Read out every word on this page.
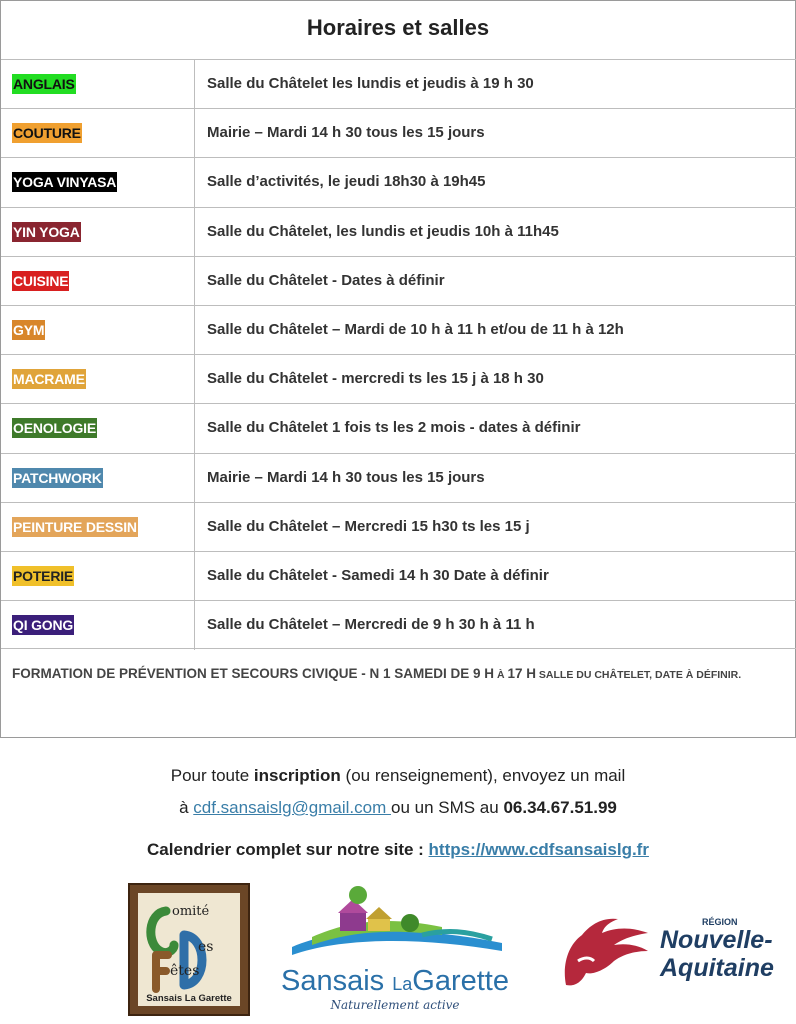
Horaires et salles
ANGLAIS	Salle du Châtelet les lundis et jeudis à 19 h 30
COUTURE	Mairie – Mardi 14 h 30 tous les 15 jours
YOGA VINYASA	Salle d’activités, le jeudi 18h30 à 19h45
YIN YOGA	Salle du Châtelet, les lundis et jeudis 10h à 11h45
CUISINE	Salle du Châtelet - Dates à définir
GYM	Salle du Châtelet – Mardi de 10 h à 11 h et/ou de 11 h à 12h
MACRAME	Salle du Châtelet - mercredi ts les 15 j à 18 h 30
OENOLOGIE	Salle du Châtelet 1 fois ts les 2 mois - dates à définir
PATCHWORK	Mairie – Mardi 14 h 30 tous les 15 jours
PEINTURE DESSIN	Salle du Châtelet – Mercredi 15 h30 ts les 15 j
POTERIE	Salle du Châtelet - Samedi 14 h 30 Date à définir
QI GONG	Salle du Châtelet – Mercredi de 9 h 30 h à 11 h
FORMATION DE PRÉVENTION ET SECOURS CIVIQUE - N 1 SAMEDI DE 9 H À 17 H SALLE DU CHÂTELET, DATE À DÉFINIR.
Pour toute inscription (ou renseignement), envoyez un mail
à cdf.sansaislg@gmail.com ou un SMS au 06.34.67.51.99
Calendrier complet sur notre site : https://www.cdfsansaislg.fr
omité
es
êtes
Sansais La Garette
Sansais LaGarette
Naturellement active
RÉGION
Nouvelle-
Aquitaine
